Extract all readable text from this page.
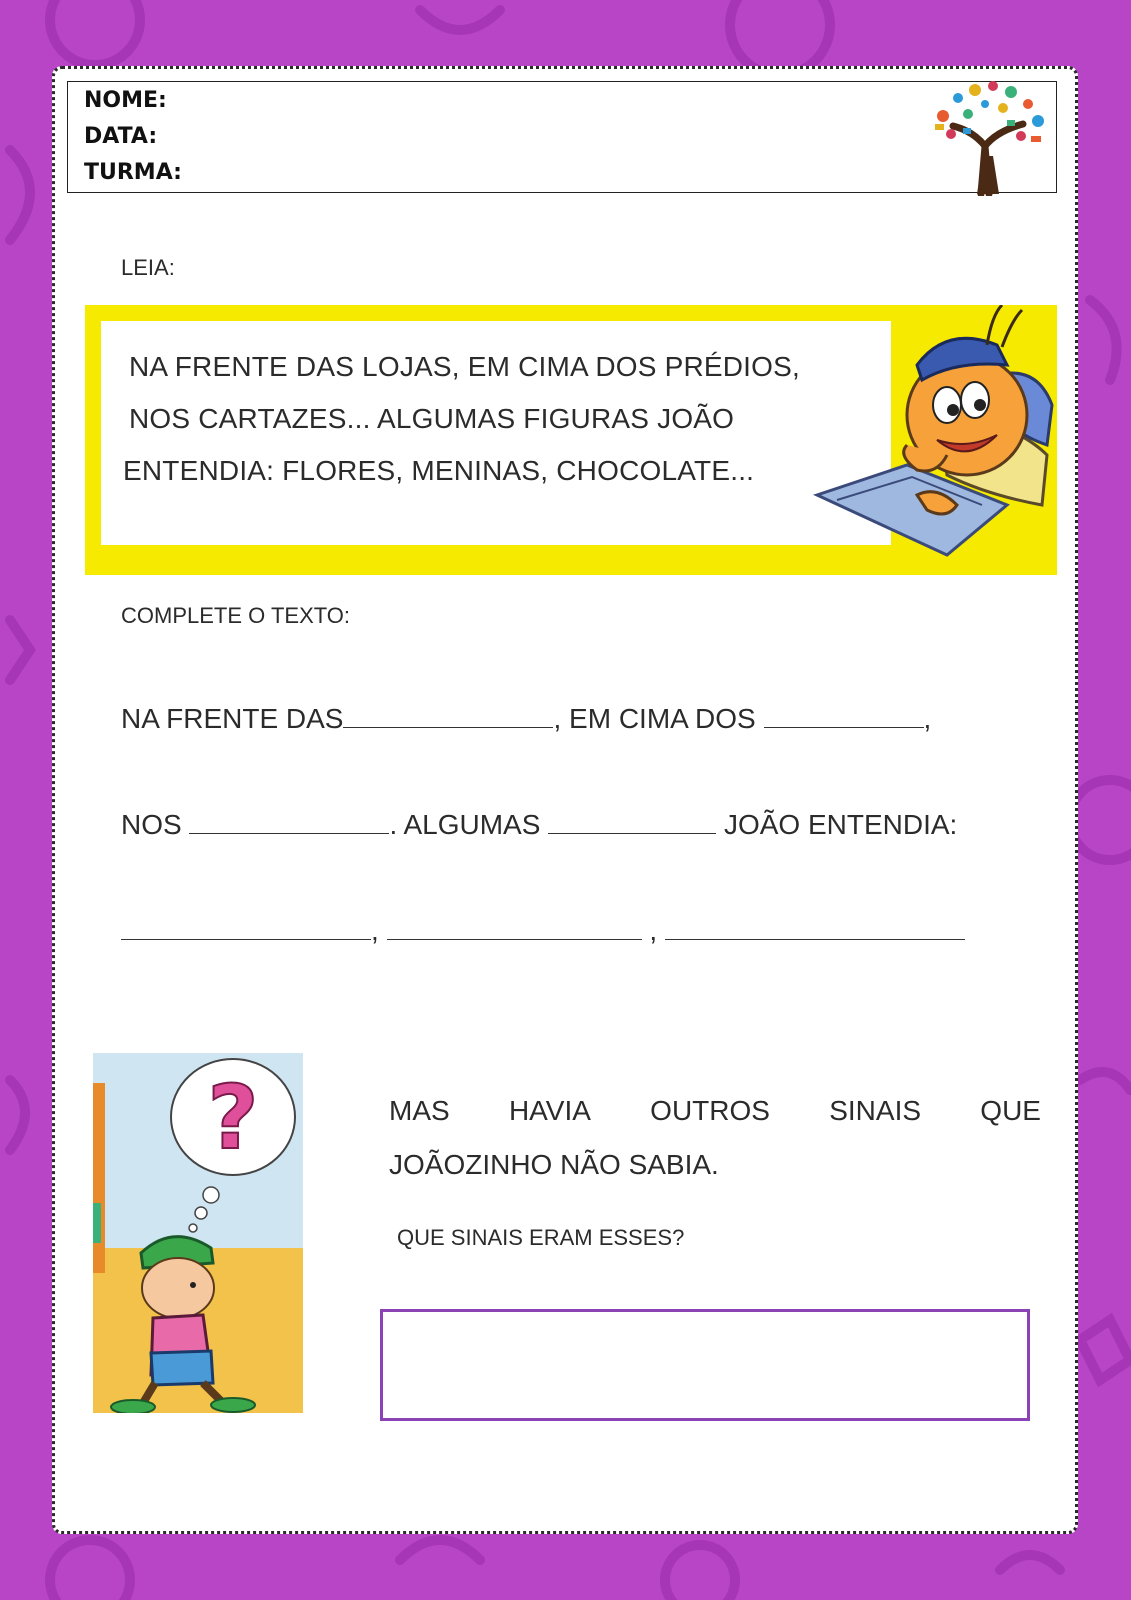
NOME:
DATA:
TURMA:
LEIA:
NA FRENTE DAS LOJAS, EM CIMA DOS PRÉDIOS,
NOS CARTAZES... ALGUMAS FIGURAS JOÃO
ENTENDIA: FLORES, MENINAS, CHOCOLATE...
COMPLETE O TEXTO:
NA FRENTE DAS	, EM CIMA DOS	,
NOS	. ALGUMAS	JOÃO ENTENDIA:
,	,
?	MAS HAVIA OUTROS SINAIS QUE
JOÃOZINHO NÃO SABIA.
QUE SINAIS ERAM ESSES?
